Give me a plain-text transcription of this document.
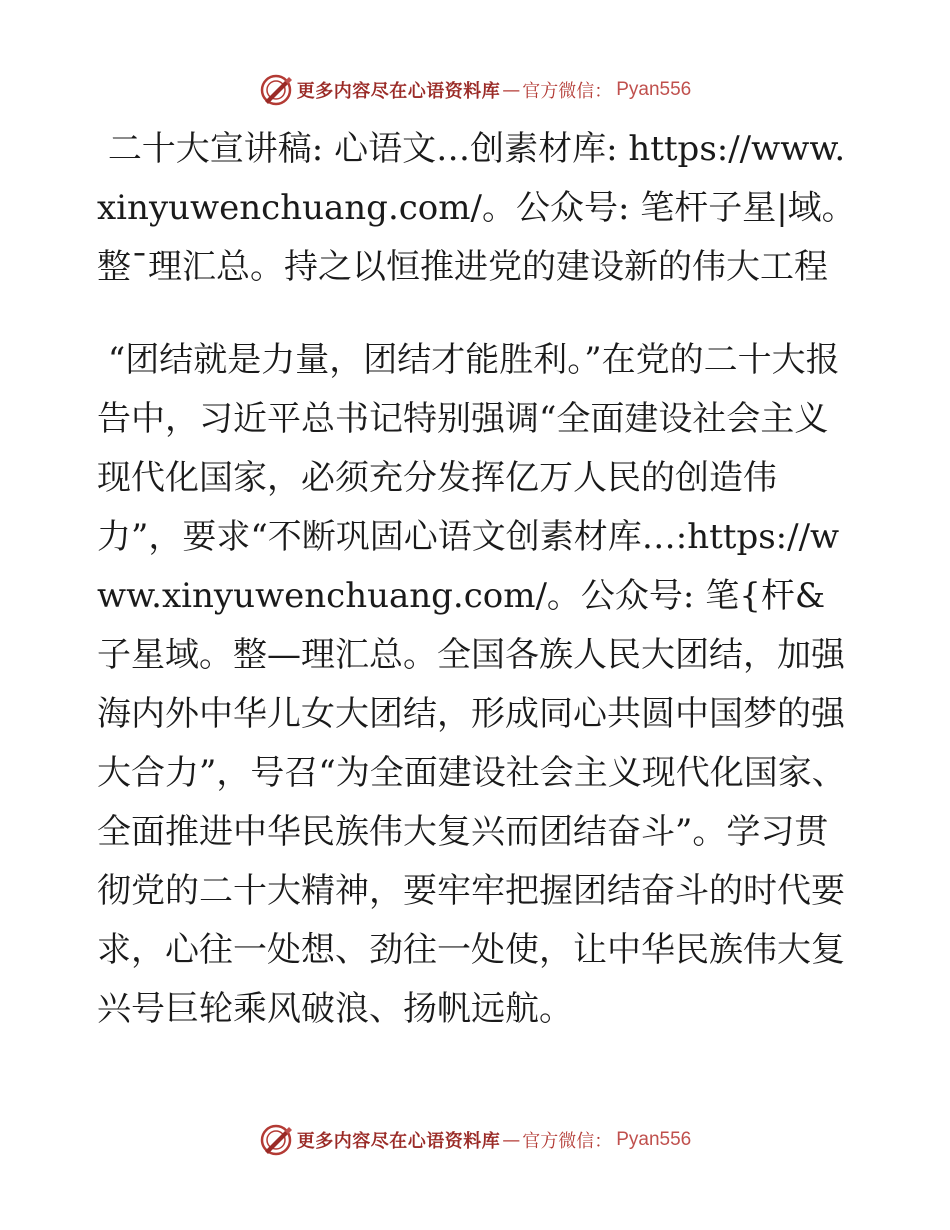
更多内容尽在心语资料库 — 官方微信 ： Pyan556

二十大宣讲稿: 心语文…创素材库: https://www.xinyuwenchuang.com/。公众号: 笔杆子星|域。整¯理汇总。持之以恒推进党的建设新的伟大工程

“团结就是力量，团结才能胜利。”在党的二十大报告中，习近平总书记特别强调“全面建设社会主义现代化国家，必须充分发挥亿万人民的创造伟力”，要求“不断巩固心语文创素材库…:https://www.xinyuwenchuang.com/。公众号: 笔{杆&子星域。整—理汇总。全国各族人民大团结，加强海内外中华儿女大团结，形成同心共圆中国梦的强大合力”，号召“为全面建设社会主义现代化国家、全面推进中华民族伟大复兴而团结奋斗”。学习贯彻党的二十大精神，要牢牢把握团结奋斗的时代要求，心往一处想、劲往一处使，让中华民族伟大复兴号巨轮乘风破浪、扬帆远航。

更多内容尽在心语资料库 — 官方微信 ： Pyan556
